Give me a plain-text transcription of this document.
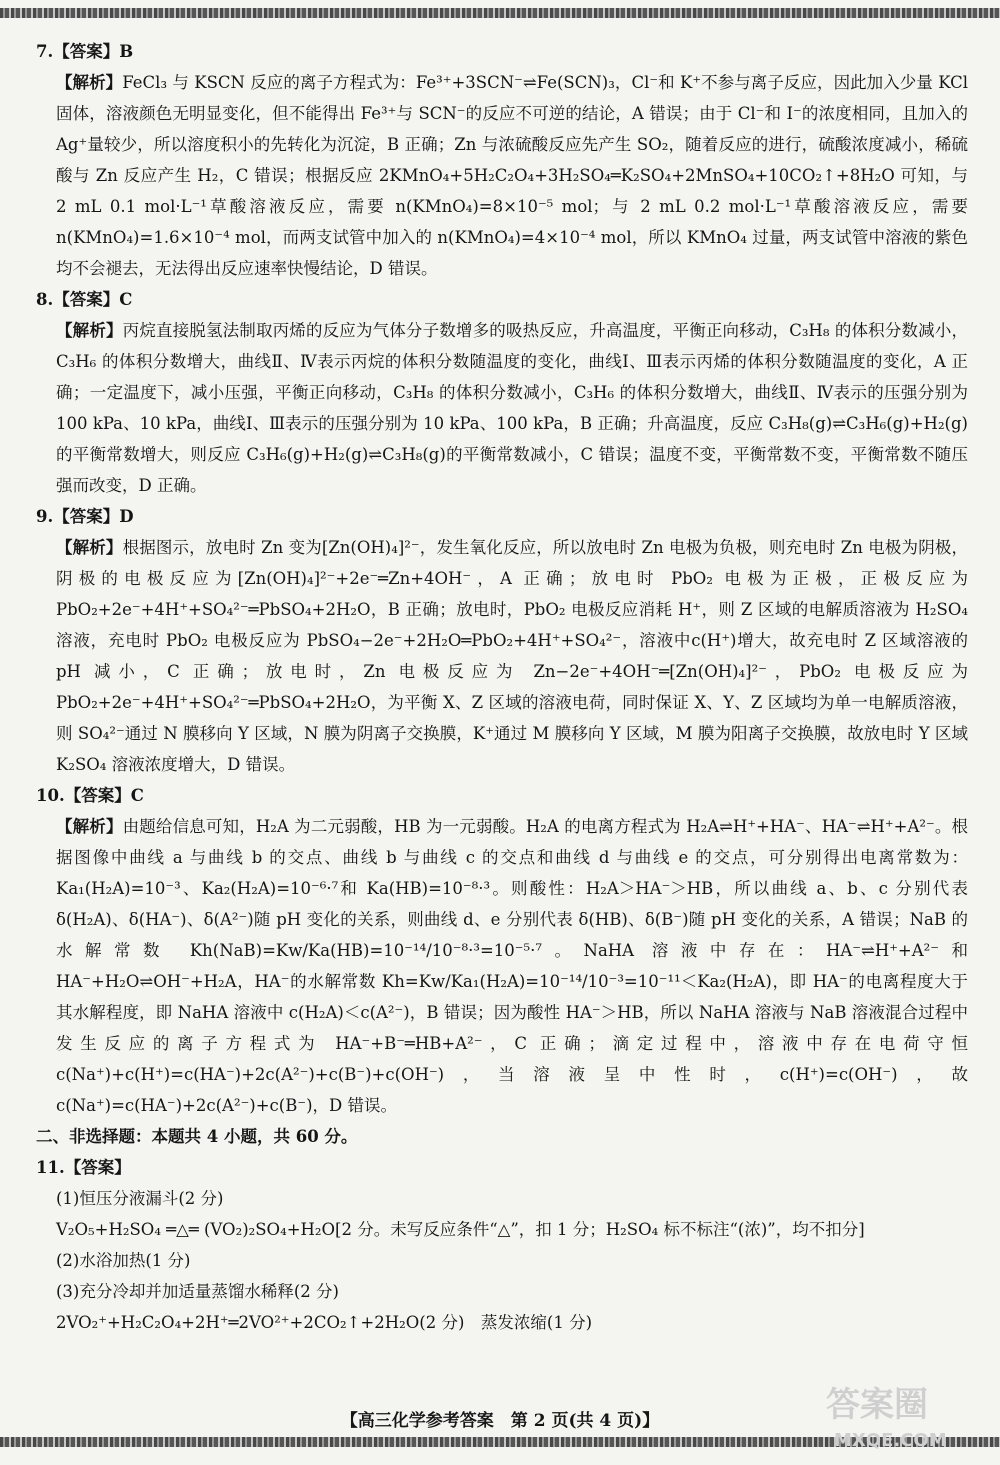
7.【答案】B

【解析】FeCl₃ 与 KSCN 反应的离子方程式为：Fe³⁺+3SCN⁻⇌Fe(SCN)₃，Cl⁻和 K⁺不参与离子反应，因此加入少量 KCl 固体，溶液颜色无明显变化，但不能得出 Fe³⁺与 SCN⁻的反应不可逆的结论，A 错误；由于 Cl⁻和 I⁻的浓度相同，且加入的 Ag⁺量较少，所以溶度积小的先转化为沉淀，B 正确；Zn 与浓硫酸反应先产生 SO₂，随着反应的进行，硫酸浓度减小，稀硫酸与 Zn 反应产生 H₂，C 错误；根据反应 2KMnO₄+5H₂C₂O₄+3H₂SO₄═K₂SO₄+2MnSO₄+10CO₂↑+8H₂O 可知，与 2 mL 0.1 mol·L⁻¹草酸溶液反应，需要 n(KMnO₄)=8×10⁻⁵ mol；与 2 mL 0.2 mol·L⁻¹草酸溶液反应，需要 n(KMnO₄)=1.6×10⁻⁴ mol，而两支试管中加入的 n(KMnO₄)=4×10⁻⁴ mol，所以 KMnO₄ 过量，两支试管中溶液的紫色均不会褪去，无法得出反应速率快慢结论，D 错误。

8.【答案】C

【解析】丙烷直接脱氢法制取丙烯的反应为气体分子数增多的吸热反应，升高温度，平衡正向移动，C₃H₈ 的体积分数减小，C₃H₆ 的体积分数增大，曲线Ⅱ、Ⅳ表示丙烷的体积分数随温度的变化，曲线Ⅰ、Ⅲ表示丙烯的体积分数随温度的变化，A 正确；一定温度下，减小压强，平衡正向移动，C₃H₈ 的体积分数减小，C₃H₆ 的体积分数增大，曲线Ⅱ、Ⅳ表示的压强分别为 100 kPa、10 kPa，曲线Ⅰ、Ⅲ表示的压强分别为 10 kPa、100 kPa，B 正确；升高温度，反应 C₃H₈(g)⇌C₃H₆(g)+H₂(g)的平衡常数增大，则反应 C₃H₆(g)+H₂(g)⇌C₃H₈(g)的平衡常数减小，C 错误；温度不变，平衡常数不变，平衡常数不随压强而改变，D 正确。

9.【答案】D

【解析】根据图示，放电时 Zn 变为[Zn(OH)₄]²⁻，发生氧化反应，所以放电时 Zn 电极为负极，则充电时 Zn 电极为阴极，阴极的电极反应为[Zn(OH)₄]²⁻+2e⁻═Zn+4OH⁻，A 正确；放电时 PbO₂ 电极为正极，正极反应为 PbO₂+2e⁻+4H⁺+SO₄²⁻═PbSO₄+2H₂O，B 正确；放电时，PbO₂ 电极反应消耗 H⁺，则 Z 区域的电解质溶液为 H₂SO₄ 溶液，充电时 PbO₂ 电极反应为 PbSO₄−2e⁻+2H₂O═PbO₂+4H⁺+SO₄²⁻，溶液中c(H⁺)增大，故充电时 Z 区域溶液的 pH 减小，C 正确；放电时，Zn 电极反应为 Zn−2e⁻+4OH⁻═[Zn(OH)₄]²⁻，PbO₂ 电极反应为 PbO₂+2e⁻+4H⁺+SO₄²⁻═PbSO₄+2H₂O，为平衡 X、Z 区域的溶液电荷，同时保证 X、Y、Z 区域均为单一电解质溶液，则 SO₄²⁻通过 N 膜移向 Y 区域，N 膜为阴离子交换膜，K⁺通过 M 膜移向 Y 区域，M 膜为阳离子交换膜，故放电时 Y 区域 K₂SO₄ 溶液浓度增大，D 错误。

10.【答案】C

【解析】由题给信息可知，H₂A 为二元弱酸，HB 为一元弱酸。H₂A 的电离方程式为 H₂A⇌H⁺+HA⁻、HA⁻⇌H⁺+A²⁻。根据图像中曲线 a 与曲线 b 的交点、曲线 b 与曲线 c 的交点和曲线 d 与曲线 e 的交点，可分别得出电离常数为：Ka₁(H₂A)=10⁻³、Ka₂(H₂A)=10⁻⁶·⁷和 Ka(HB)=10⁻⁸·³。则酸性：H₂A＞HA⁻＞HB，所以曲线 a、b、c 分别代表 δ(H₂A)、δ(HA⁻)、δ(A²⁻)随 pH 变化的关系，则曲线 d、e 分别代表 δ(HB)、δ(B⁻)随 pH 变化的关系，A 错误；NaB 的水解常数 Kh(NaB)=Kw/Ka(HB)=10⁻¹⁴/10⁻⁸·³=10⁻⁵·⁷。NaHA 溶液中存在：HA⁻⇌H⁺+A²⁻和 HA⁻+H₂O⇌OH⁻+H₂A，HA⁻的水解常数 Kh=Kw/Ka₁(H₂A)=10⁻¹⁴/10⁻³=10⁻¹¹＜Ka₂(H₂A)，即 HA⁻的电离程度大于其水解程度，即 NaHA 溶液中 c(H₂A)＜c(A²⁻)，B 错误；因为酸性 HA⁻＞HB，所以 NaHA 溶液与 NaB 溶液混合过程中发生反应的离子方程式为 HA⁻+B⁻═HB+A²⁻，C 正确；滴定过程中，溶液中存在电荷守恒 c(Na⁺)+c(H⁺)=c(HA⁻)+2c(A²⁻)+c(B⁻)+c(OH⁻)，当溶液呈中性时，c(H⁺)=c(OH⁻)，故 c(Na⁺)=c(HA⁻)+2c(A²⁻)+c(B⁻)，D 错误。

二、非选择题：本题共 4 小题，共 60 分。

11.【答案】

(1)恒压分液漏斗(2 分)

V₂O₅+H₂SO₄ ═△═ (VO₂)₂SO₄+H₂O[2 分。未写反应条件“△”，扣 1 分；H₂SO₄ 标不标注“(浓)”，均不扣分]

(2)水浴加热(1 分)

(3)充分冷却并加适量蒸馏水稀释(2 分)

2VO₂⁺+H₂C₂O₄+2H⁺═2VO²⁺+2CO₂↑+2H₂O(2 分)　蒸发浓缩(1 分)

【高三化学参考答案　第 2 页(共 4 页)】	答案圈
MXQE.COM
